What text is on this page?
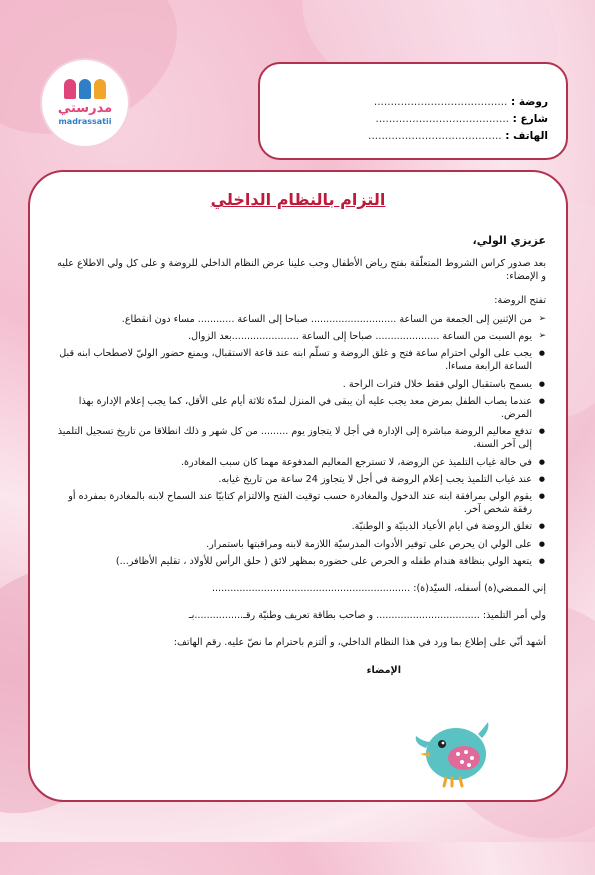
مدرستي
madrassatii
روضة : ........................................
شارع : ........................................
الهاتف : ........................................
التزام بالنظام الداخلي

عزيزي الولي،

بعد صدور كراس الشروط المتعلّقة بفتح رياض الأطفال وجب علينا عرض النظام الداخلي للروضة و على كل ولي الاطلاع عليه و الإمضاء:

تفتح الروضة:

➢ من الإثنين إلى الجمعة من الساعة ............................ صباحا إلى الساعة ............ مساء دون انقطاع.
➢ يوم السبت من الساعة ..................... صباحا إلى الساعة ......................بعد الزوال.
● يجب على الولي احترام ساعة فتح و غلق الروضة و تسلّم ابنه عند قاعة الاستقبال، ويمنع حضور الوليّ لاصطحاب ابنه قبل الساعة الرابعة مساءا.
● يسمح باستقبال الولي فقط خلال فترات الراحة .
● عندما يصاب الطفل بمرض معد يجب عليه أن يبقى في المنزل لمدّة ثلاثة أيام على الأقل، كما يجب إعلام الإدارة بهذا المرض.
● تدفع معاليم الروضة مباشرة إلى الإدارة في أجل لا يتجاوز يوم ......... من كل شهر و ذلك انطلاقا من تاريخ تسجيل التلميذ إلى آخر السنة.
● في حالة غياب التلميذ عن الروضة، لا تسترجع المعاليم المدفوعة مهما كان سبب المغادرة.
● عند غياب التلميذ يجب إعلام الروضة في أجل لا يتجاوز 24 ساعة من تاريخ غيابه.
● يقوم الولي بمرافقة ابنه عند الدخول والمغادرة حسب توقيت الفتح والالتزام كتابيّا عند السماح لابنه بالمغادرة بمفرده أو رفقة شخص آخر.
● تغلق الروضة في ايام الأعياد الدينيّة و الوطنيّة.
● على الولي ان يحرص على توفير الأدوات المدرسيّة اللازمة لابنه ومراقبتها باستمرار.
● يتعهد الولي بنظافة هندام طفله و الحرص على حضوره بمظهر لائق ( حلق الرأس للأولاد ، تقليم الأظافر...)

إني الممضي(ة) أسفله، السيّد(ة): .................................................................

ولي أمر التلميذ: .................................. و صاحب بطاقة تعريف وطنيّة رقـ................بـ

أشهد أنّي على إطلاع بما ورد في هذا النظام الداخلي، و ألتزم باحترام ما نصّ عليه. رقم الهاتف:

الإمضاء
